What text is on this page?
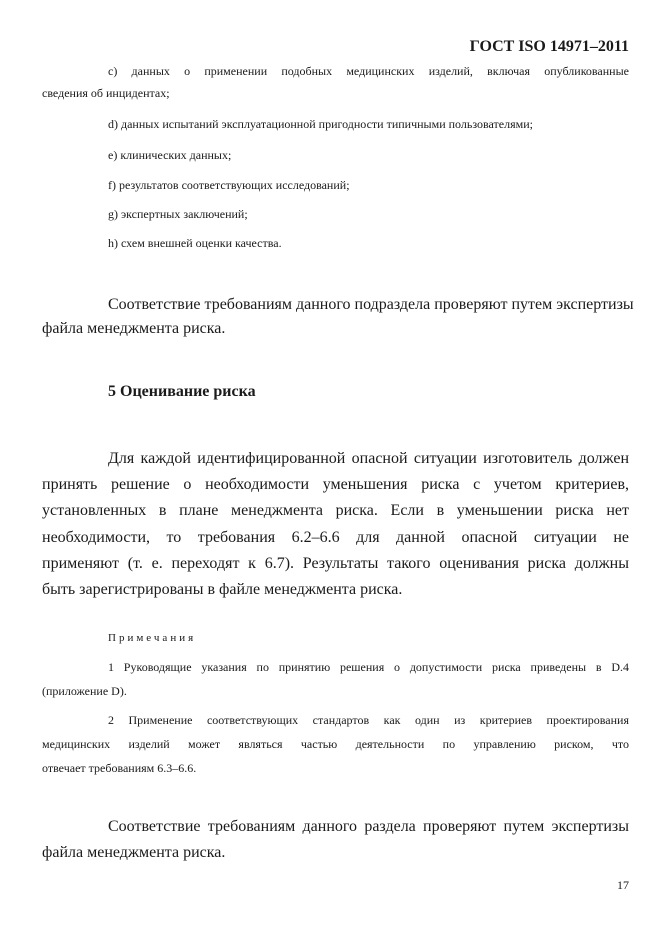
ГОСТ ISO 14971–2011
c) данных о применении подобных медицинских изделий, включая опубликованные
сведения об инцидентах;
d) данных испытаний эксплуатационной пригодности типичными пользователями;
e) клинических данных;
f) результатов соответствующих исследований;
g) экспертных заключений;
h) схем внешней оценки качества.
Соответствие требованиям данного подраздела проверяют путем экспертизы
файла менеджмента риска.
5 Оценивание риска
Для каждой идентифицированной опасной ситуации изготовитель должен
принять решение о необходимости уменьшения риска с учетом критериев,
установленных в плане менеджмента риска. Если в уменьшении риска нет
необходимости, то требования 6.2–6.6 для данной опасной ситуации не
применяют (т. е. переходят к 6.7). Результаты такого оценивания риска должны
быть зарегистрированы в файле менеджмента риска.
Примечания
1 Руководящие указания по принятию решения о допустимости риска приведены в D.4
(приложение D).
2 Применение соответствующих стандартов как один из критериев проектирования
медицинских изделий может являться частью деятельности по управлению риском, что
отвечает требованиям 6.3–6.6.
Соответствие требованиям данного раздела проверяют путем экспертизы
файла менеджмента риска.
17
